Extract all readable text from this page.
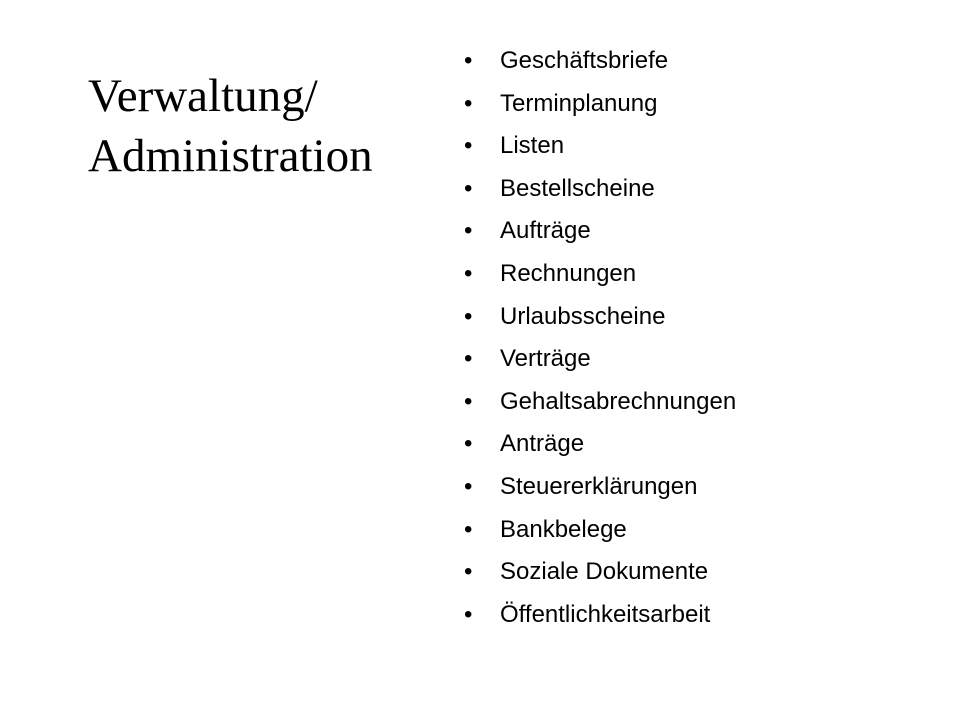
Verwaltung/
Administration
•	Geschäftsbriefe
•	Terminplanung
•	Listen
•	Bestellscheine
•	Aufträge
•	Rechnungen
•	Urlaubsscheine
•	Verträge
•	Gehaltsabrechnungen
•	Anträge
•	Steuererklärungen
•	Bankbelege
•	Soziale Dokumente
•	Öffentlichkeitsarbeit
